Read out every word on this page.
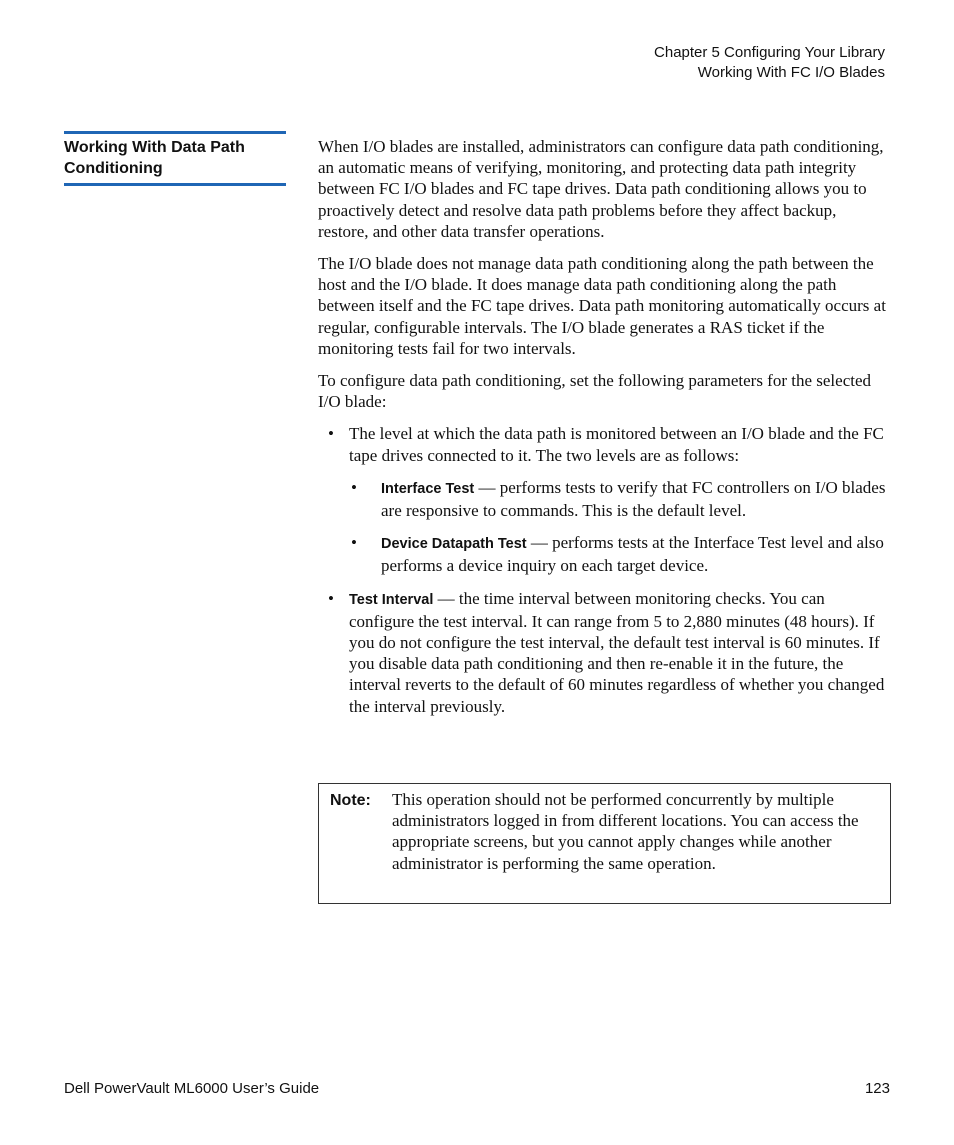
Chapter 5 Configuring Your Library
Working With FC I/O Blades
Working With Data Path Conditioning

When I/O blades are installed, administrators can configure data path conditioning, an automatic means of verifying, monitoring, and protecting data path integrity between FC I/O blades and FC tape drives. Data path conditioning allows you to proactively detect and resolve data path problems before they affect backup, restore, and other data transfer operations.

The I/O blade does not manage data path conditioning along the path between the host and the I/O blade. It does manage data path conditioning along the path between itself and the FC tape drives. Data path monitoring automatically occurs at regular, configurable intervals. The I/O blade generates a RAS ticket if the monitoring tests fail for two intervals.

To configure data path conditioning, set the following parameters for the selected I/O blade:

• The level at which the data path is monitored between an I/O blade and the FC tape drives connected to it. The two levels are as follows:
• Interface Test — performs tests to verify that FC controllers on I/O blades are responsive to commands. This is the default level.
• Device Datapath Test — performs tests at the Interface Test level and also performs a device inquiry on each target device.
• Test Interval — the time interval between monitoring checks. You can configure the test interval. It can range from 5 to 2,880 minutes (48 hours). If you do not configure the test interval, the default test interval is 60 minutes. If you disable data path conditioning and then re-enable it in the future, the interval reverts to the default of 60 minutes regardless of whether you changed the interval previously.
Note: This operation should not be performed concurrently by multiple administrators logged in from different locations. You can access the appropriate screens, but you cannot apply changes while another administrator is performing the same operation.
Dell PowerVault ML6000 User’s Guide	123
